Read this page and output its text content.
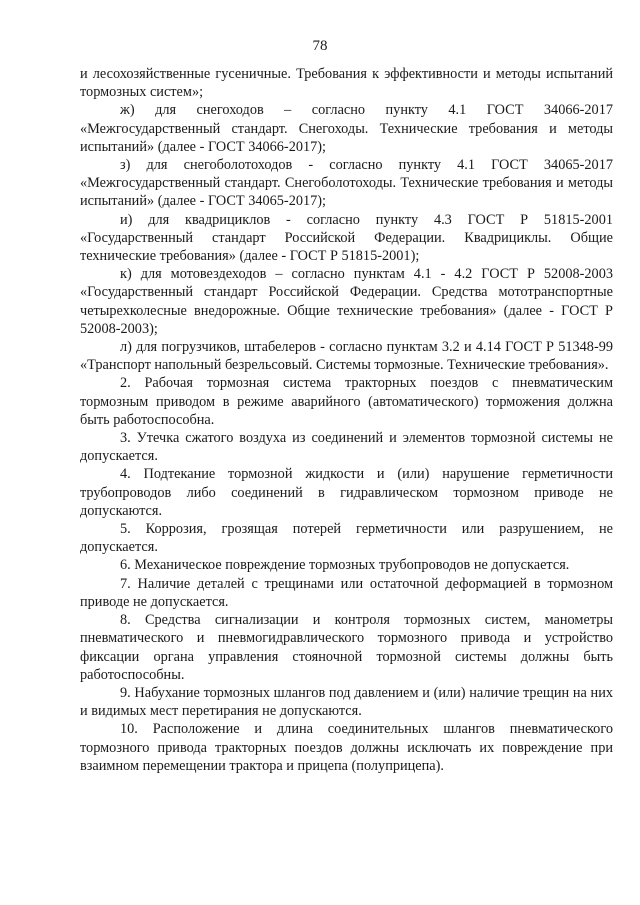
78

и лесохозяйственные гусеничные. Требования к эффективности и методы испытаний тормозных систем»;

ж) для снегоходов – согласно пункту 4.1 ГОСТ 34066-2017 «Межгосударственный стандарт. Снегоходы. Технические требования и методы испытаний» (далее - ГОСТ 34066-2017);

з) для снегоболотоходов - согласно пункту 4.1 ГОСТ 34065-2017 «Межгосударственный стандарт. Снегоболотоходы. Технические требования и методы испытаний» (далее - ГОСТ 34065-2017);

и) для квадрициклов - согласно пункту 4.3 ГОСТ Р 51815-2001 «Государственный стандарт Российской Федерации. Квадрициклы. Общие технические требования» (далее - ГОСТ Р 51815-2001);

к) для мотовездеходов – согласно пунктам 4.1 - 4.2 ГОСТ Р 52008-2003 «Государственный стандарт Российской Федерации. Средства мототранспортные четырехколесные внедорожные. Общие технические требования» (далее - ГОСТ Р 52008-2003);

л) для погрузчиков, штабелеров - согласно пунктам 3.2 и 4.14 ГОСТ Р 51348-99 «Транспорт напольный безрельсовый. Системы тормозные. Технические требования».

2. Рабочая тормозная система тракторных поездов с пневматическим тормозным приводом в режиме аварийного (автоматического) торможения должна быть работоспособна.

3. Утечка сжатого воздуха из соединений и элементов тормозной системы не допускается.

4. Подтекание тормозной жидкости и (или) нарушение герметичности трубопроводов либо соединений в гидравлическом тормозном приводе не допускаются.

5. Коррозия, грозящая потерей герметичности или разрушением, не допускается.

6. Механическое повреждение тормозных трубопроводов не допускается.

7. Наличие деталей с трещинами или остаточной деформацией в тормозном приводе не допускается.

8. Средства сигнализации и контроля тормозных систем, манометры пневматического и пневмогидравлического тормозного привода и устройство фиксации органа управления стояночной тормозной системы должны быть работоспособны.

9. Набухание тормозных шлангов под давлением и (или) наличие трещин на них и видимых мест перетирания не допускаются.

10. Расположение и длина соединительных шлангов пневматического тормозного привода тракторных поездов должны исключать их повреждение при взаимном перемещении трактора и прицепа (полуприцепа).
